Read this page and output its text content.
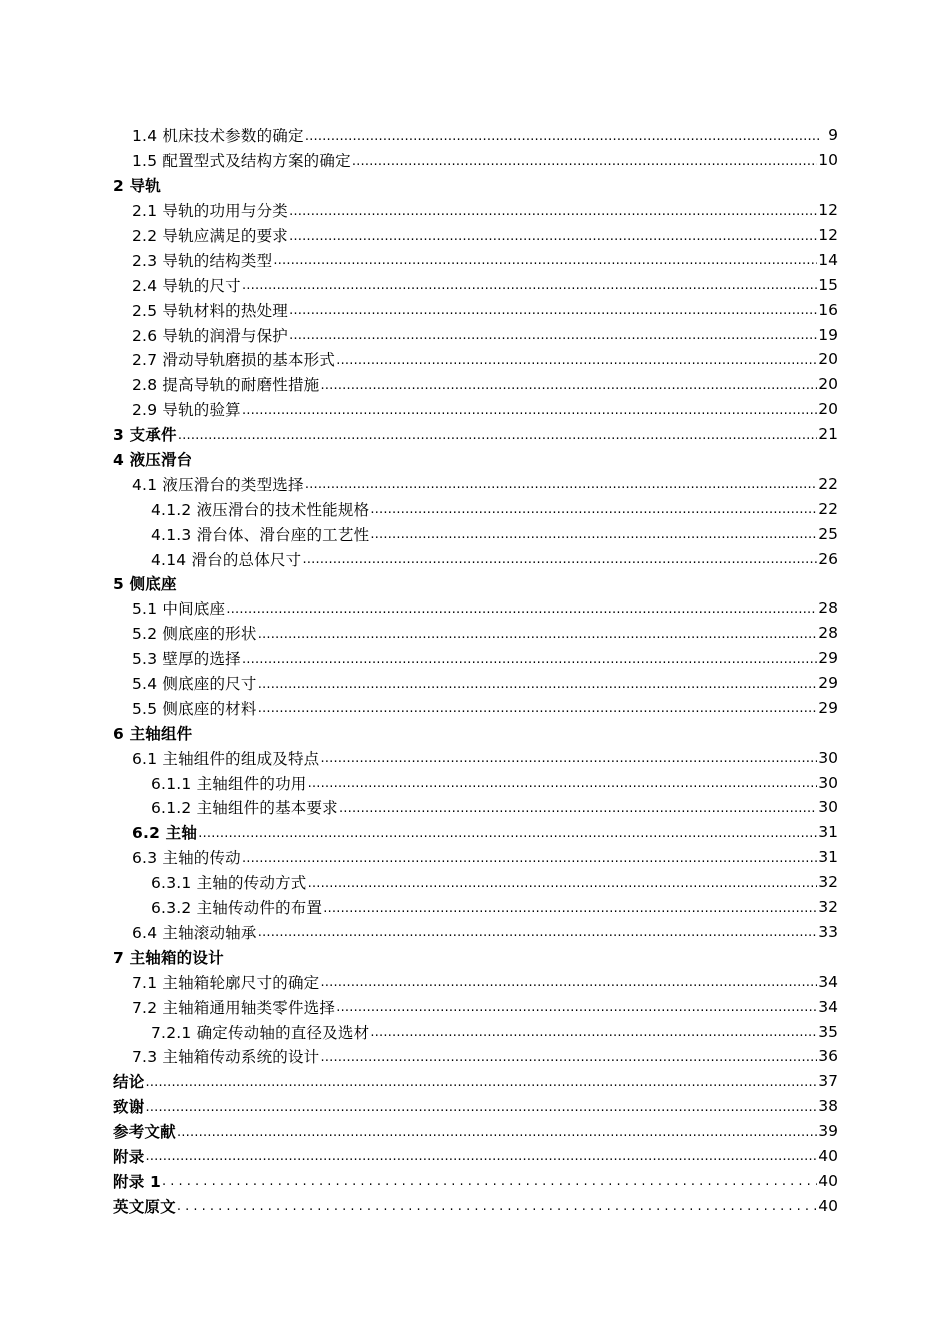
1.4 机床技术参数的确定 …………………………………………………………………………………………………………………………………………………………………………………………………………………………………………………	9
1.5 配置型式及结构方案的确定 …………………………………………………………………………………………………………………………………………………………………………………………………………………………………………………	10
2 导轨
2.1 导轨的功用与分类 …………………………………………………………………………………………………………………………………………………………………………………………………………………………………………………	12
2.2 导轨应满足的要求 …………………………………………………………………………………………………………………………………………………………………………………………………………………………………………………	12
2.3 导轨的结构类型 …………………………………………………………………………………………………………………………………………………………………………………………………………………………………………………	14
2.4 导轨的尺寸 …………………………………………………………………………………………………………………………………………………………………………………………………………………………………………………	15
2.5 导轨材料的热处理 …………………………………………………………………………………………………………………………………………………………………………………………………………………………………………………	16
2.6 导轨的润滑与保护 …………………………………………………………………………………………………………………………………………………………………………………………………………………………………………………	19
2.7 滑动导轨磨损的基本形式 …………………………………………………………………………………………………………………………………………………………………………………………………………………………………………………	20
2.8 提高导轨的耐磨性措施 …………………………………………………………………………………………………………………………………………………………………………………………………………………………………………………	20
2.9 导轨的验算 …………………………………………………………………………………………………………………………………………………………………………………………………………………………………………………	20
3 支承件 …………………………………………………………………………………………………………………………………………………………………………………………………………………………………………………	21
4 液压滑台
4.1 液压滑台的类型选择 …………………………………………………………………………………………………………………………………………………………………………………………………………………………………………………	22
4.1.2 液压滑台的技术性能规格 …………………………………………………………………………………………………………………………………………………………………………………………………………………………………………………	22
4.1.3 滑台体、滑台座的工艺性 …………………………………………………………………………………………………………………………………………………………………………………………………………………………………………………	25
4.14 滑台的总体尺寸 …………………………………………………………………………………………………………………………………………………………………………………………………………………………………………………	26
5 侧底座
5.1 中间底座 …………………………………………………………………………………………………………………………………………………………………………………………………………………………………………………	28
5.2 侧底座的形状 …………………………………………………………………………………………………………………………………………………………………………………………………………………………………………………	28
5.3 壁厚的选择 …………………………………………………………………………………………………………………………………………………………………………………………………………………………………………………	29
5.4 侧底座的尺寸 …………………………………………………………………………………………………………………………………………………………………………………………………………………………………………………	29
5.5 侧底座的材料 …………………………………………………………………………………………………………………………………………………………………………………………………………………………………………………	29
6 主轴组件
6.1 主轴组件的组成及特点 …………………………………………………………………………………………………………………………………………………………………………………………………………………………………………………	30
6.1.1 主轴组件的功用 …………………………………………………………………………………………………………………………………………………………………………………………………………………………………………………	30
6.1.2 主轴组件的基本要求 …………………………………………………………………………………………………………………………………………………………………………………………………………………………………………………	30
6.2 主轴 …………………………………………………………………………………………………………………………………………………………………………………………………………………………………………………	31
6.3 主轴的传动 …………………………………………………………………………………………………………………………………………………………………………………………………………………………………………………	31
6.3.1 主轴的传动方式 …………………………………………………………………………………………………………………………………………………………………………………………………………………………………………………	32
6.3.2 主轴传动件的布置 …………………………………………………………………………………………………………………………………………………………………………………………………………………………………………………	32
6.4 主轴滚动轴承 …………………………………………………………………………………………………………………………………………………………………………………………………………………………………………………	33
7 主轴箱的设计
7.1 主轴箱轮廓尺寸的确定 …………………………………………………………………………………………………………………………………………………………………………………………………………………………………………………	34
7.2 主轴箱通用轴类零件选择 …………………………………………………………………………………………………………………………………………………………………………………………………………………………………………………	34
7.2.1 确定传动轴的直径及选材 …………………………………………………………………………………………………………………………………………………………………………………………………………………………………………………	35
7.3 主轴箱传动系统的设计 …………………………………………………………………………………………………………………………………………………………………………………………………………………………………………………	36
结论 …………………………………………………………………………………………………………………………………………………………………………………………………………………………………………………	37
致谢 …………………………………………………………………………………………………………………………………………………………………………………………………………………………………………………	38
参考文献 …………………………………………………………………………………………………………………………………………………………………………………………………………………………………………………	39
附录 …………………………………………………………………………………………………………………………………………………………………………………………………………………………………………………	40
附录 1 . . .	40
英文原文 . . .	40
